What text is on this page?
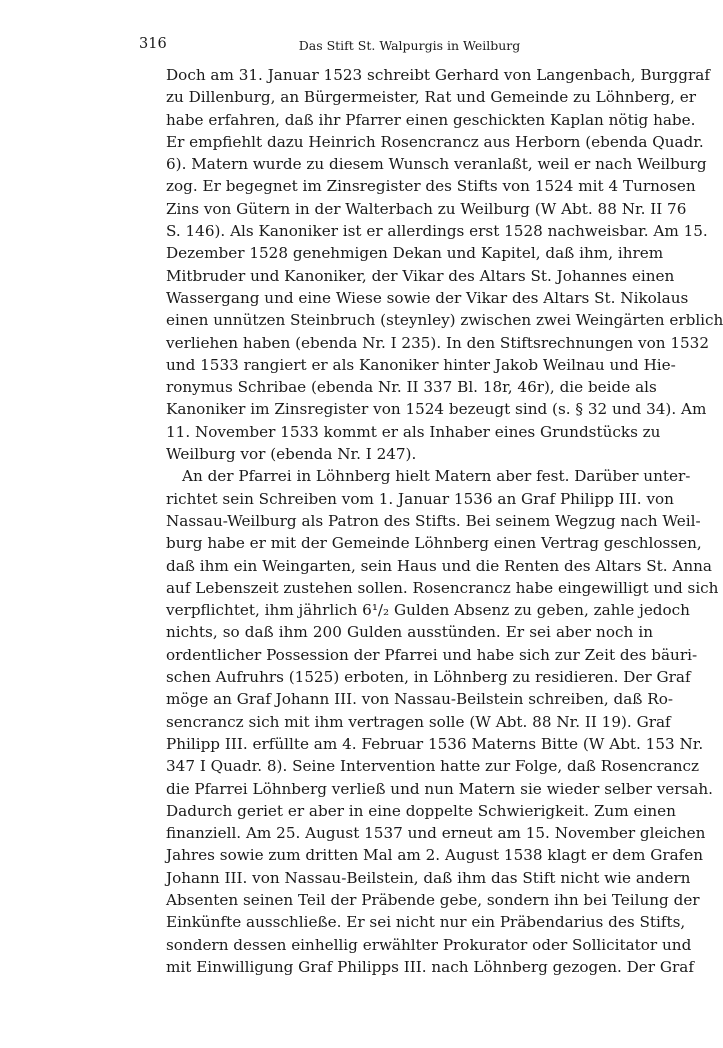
316	Das Stift St. Walpurgis in Weilburg
Doch am 31. Januar 1523 schreibt Gerhard von Langenbach, Burggraf
zu Dillenburg, an Bürgermeister, Rat und Gemeinde zu Löhnberg, er
habe erfahren, daß ihr Pfarrer einen geschickten Kaplan nötig habe.
Er empfiehlt dazu Heinrich Rosencrancz aus Herborn (ebenda Quadr.
6). Matern wurde zu diesem Wunsch veranlaßt, weil er nach Weilburg
zog. Er begegnet im Zinsregister des Stifts von 1524 mit 4 Turnosen
Zins von Gütern in der Walterbach zu Weilburg (W Abt. 88 Nr. II 76
S. 146). Als Kanoniker ist er allerdings erst 1528 nachweisbar. Am 15.
Dezember 1528 genehmigen Dekan und Kapitel, daß ihm, ihrem
Mitbruder und Kanoniker, der Vikar des Altars St. Johannes einen
Wassergang und eine Wiese sowie der Vikar des Altars St. Nikolaus
einen unnützen Steinbruch (steynley) zwischen zwei Weingärten erblich
verliehen haben (ebenda Nr. I 235). In den Stiftsrechnungen von 1532
und 1533 rangiert er als Kanoniker hinter Jakob Weilnau und Hie-
ronymus Schribae (ebenda Nr. II 337 Bl. 18r, 46r), die beide als
Kanoniker im Zinsregister von 1524 bezeugt sind (s. § 32 und 34). Am
11. November 1533 kommt er als Inhaber eines Grundstücks zu
Weilburg vor (ebenda Nr. I 247).
An der Pfarrei in Löhnberg hielt Matern aber fest. Darüber unter-
richtet sein Schreiben vom 1. Januar 1536 an Graf Philipp III. von
Nassau-Weilburg als Patron des Stifts. Bei seinem Wegzug nach Weil-
burg habe er mit der Gemeinde Löhnberg einen Vertrag geschlossen,
daß ihm ein Weingarten, sein Haus und die Renten des Altars St. Anna
auf Lebenszeit zustehen sollen. Rosencrancz habe eingewilligt und sich
verpflichtet, ihm jährlich 6¹/₂ Gulden Absenz zu geben, zahle jedoch
nichts, so daß ihm 200 Gulden ausstünden. Er sei aber noch in
ordentlicher Possession der Pfarrei und habe sich zur Zeit des bäuri-
schen Aufruhrs (1525) erboten, in Löhnberg zu residieren. Der Graf
möge an Graf Johann III. von Nassau-Beilstein schreiben, daß Ro-
sencrancz sich mit ihm vertragen solle (W Abt. 88 Nr. II 19). Graf
Philipp III. erfüllte am 4. Februar 1536 Materns Bitte (W Abt. 153 Nr.
347 I Quadr. 8). Seine Intervention hatte zur Folge, daß Rosencrancz
die Pfarrei Löhnberg verließ und nun Matern sie wieder selber versah.
Dadurch geriet er aber in eine doppelte Schwierigkeit. Zum einen
finanziell. Am 25. August 1537 und erneut am 15. November gleichen
Jahres sowie zum dritten Mal am 2. August 1538 klagt er dem Grafen
Johann III. von Nassau-Beilstein, daß ihm das Stift nicht wie andern
Absenten seinen Teil der Präbende gebe, sondern ihn bei Teilung der
Einkünfte ausschließe. Er sei nicht nur ein Präbendarius des Stifts,
sondern dessen einhellig erwählter Prokurator oder Sollicitator und
mit Einwilligung Graf Philipps III. nach Löhnberg gezogen. Der Graf
